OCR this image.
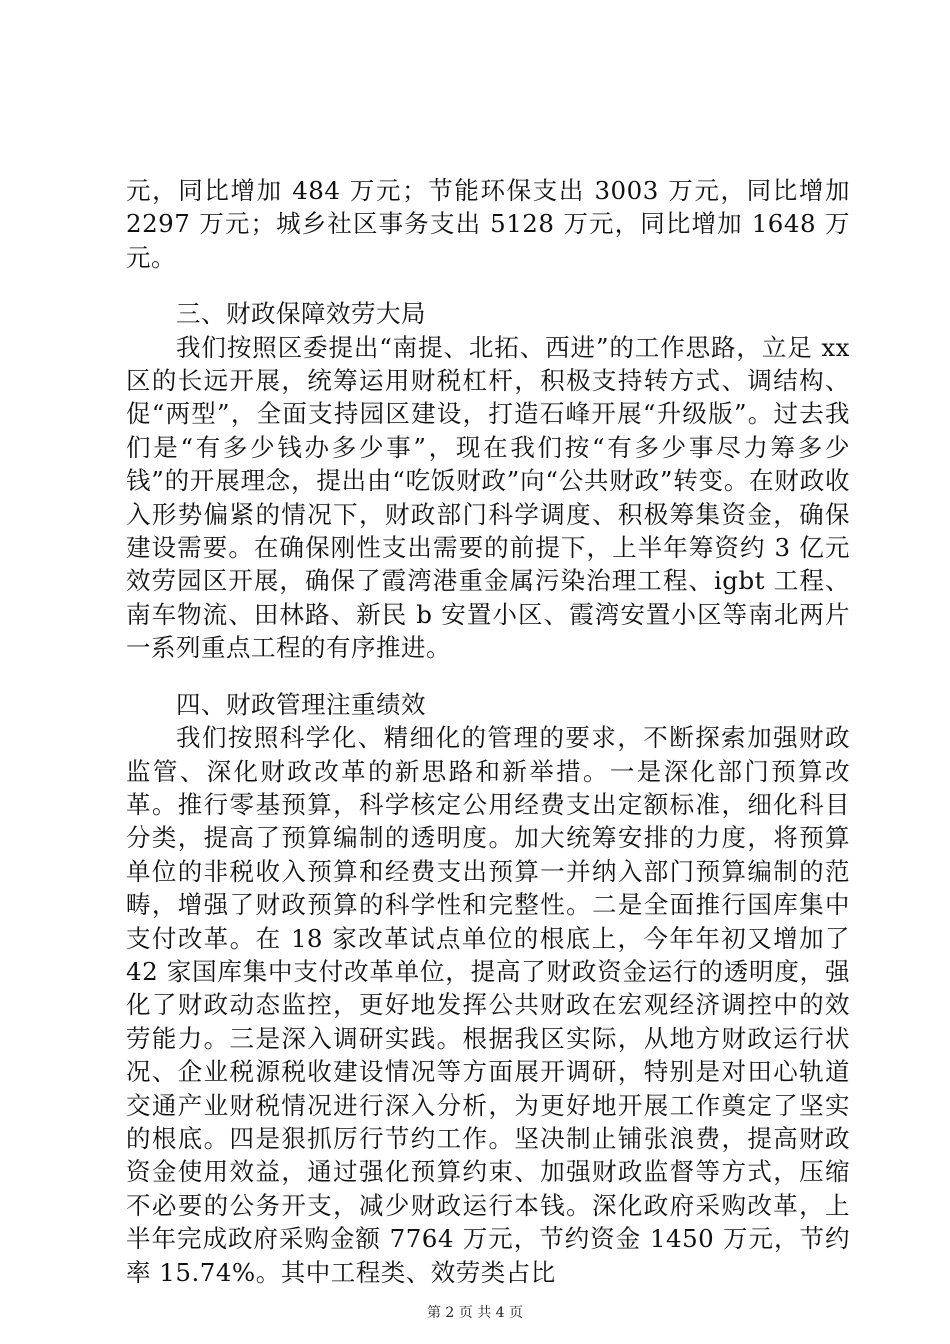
元，同比增加 484 万元；节能环保支出 3003 万元，同比增加 2297 万元；城乡社区事务支出 5128 万元，同比增加 1648 万元。

三、财政保障效劳大局

我们按照区委提出“南提、北拓、西进”的工作思路，立足 xx 区的长远开展，统筹运用财税杠杆，积极支持转方式、调结构、促“两型”，全面支持园区建设，打造石峰开展“升级版”。过去我们是“有多少钱办多少事”，现在我们按“有多少事尽力筹多少钱”的开展理念，提出由“吃饭财政”向“公共财政”转变。在财政收入形势偏紧的情况下，财政部门科学调度、积极筹集资金，确保建设需要。在确保刚性支出需要的前提下，上半年筹资约 3 亿元效劳园区开展，确保了霞湾港重金属污染治理工程、igbt 工程、南车物流、田林路、新民 b 安置小区、霞湾安置小区等南北两片一系列重点工程的有序推进。

四、财政管理注重绩效

我们按照科学化、精细化的管理的要求，不断探索加强财政监管、深化财政改革的新思路和新举措。一是深化部门预算改革。推行零基预算，科学核定公用经费支出定额标准，细化科目分类，提高了预算编制的透明度。加大统筹安排的力度，将预算单位的非税收入预算和经费支出预算一并纳入部门预算编制的范畴，增强了财政预算的科学性和完整性。二是全面推行国库集中支付改革。在 18 家改革试点单位的根底上，今年年初又增加了 42 家国库集中支付改革单位，提高了财政资金运行的透明度，强化了财政动态监控，更好地发挥公共财政在宏观经济调控中的效劳能力。三是深入调研实践。根据我区实际，从地方财政运行状况、企业税源税收建设情况等方面展开调研，特别是对田心轨道交通产业财税情况进行深入分析，为更好地开展工作奠定了坚实的根底。四是狠抓厉行节约工作。坚决制止铺张浪费，提高财政资金使用效益，通过强化预算约束、加强财政监督等方式，压缩不必要的公务开支，减少财政运行本钱。深化政府采购改革，上半年完成政府采购金额 7764 万元，节约资金 1450 万元，节约率 15.74%。其中工程类、效劳类占比

第 2 页 共 4 页
